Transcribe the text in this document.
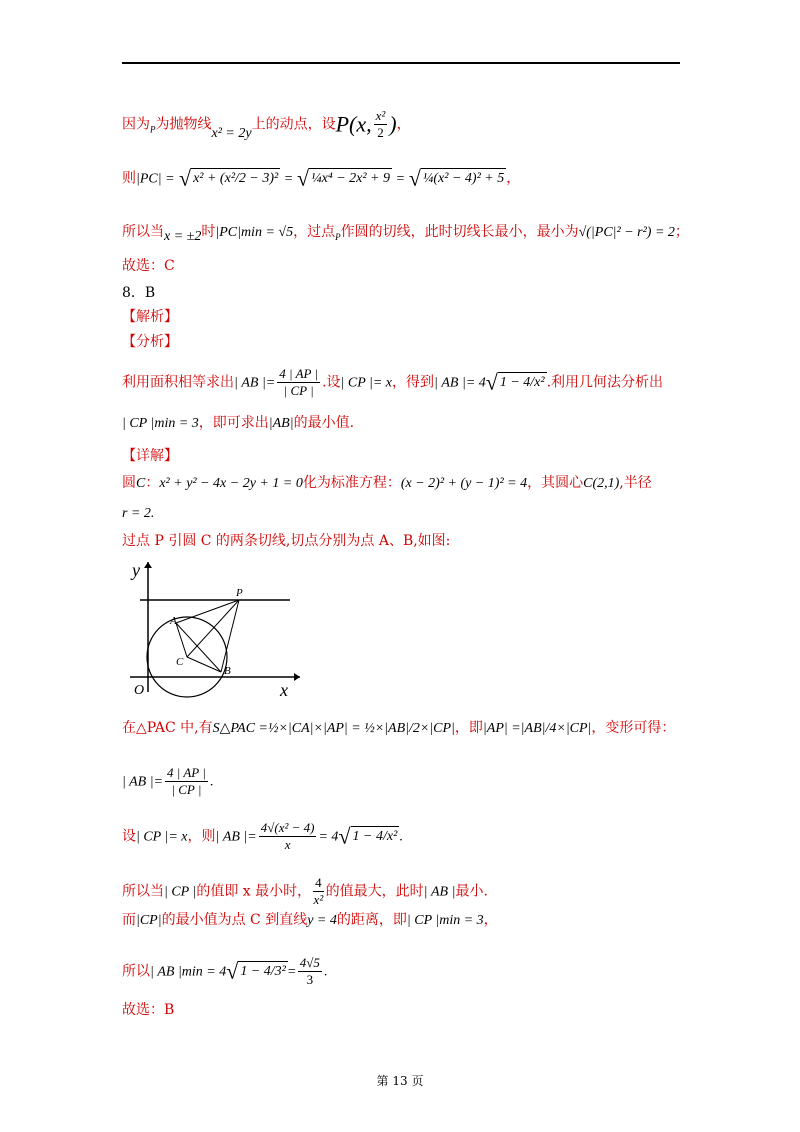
因为$_P$为抛物线x² = 2y上的动点，设P(x, $\frac{\text{x²}}{2}$ )，
则|PC| = √ x² + (x²/2 − 3)² = √ ¼x⁴ − 2x² + 9 = √ ¼(x² − 4)² + 5 ，
所以当x = ±2时|PC|min = √5，过点$_P$作圆的切线，此时切线长最小，最小为√(|PC|² − r²) = 2；
故选：C
8．B
【解析】
【分析】
利用面积相等求出| AB |= $\frac{4 | AP |}{| CP |}$ .设| CP |= x，得到| AB |= 4√ 1 − 4/x² .利用几何法分析出
| CP |min = 3，即可求出|AB|的最小值.
【详解】
圆C：x² + y² − 4x − 2y + 1 = 0化为标准方程：(x − 2)² + (y − 1)² = 4，其圆心C(2,1),半径
r = 2.
过点 P 引圆 C 的两条切线,切点分别为点 A、B,如图:
y
x
O
P
A
B
C
在△PAC 中,有S△PAC =½×|CA|×|AP| = ½×|AB|/2×|CP|，即|AP| =|AB|/4×|CP|，变形可得：
| AB |= $\frac{4 | AP |}{| CP |}$ .
设| CP |= x，则| AB |= $\frac{\text{4√(x² − 4)}}{x} = 4√$ 1 − 4/x² .
所以当| CP |的值即 x 最小时， $\frac{4}{\text{x²}}$ 的值最大，此时| AB |最小.
而|CP|的最小值为点 C 到直线y = 4的距离，即| CP |min = 3，
所以| AB |min = 4√ $1 - 4/3^2 = \frac{4√5}{3}$ .
故选：B
第 13 页
